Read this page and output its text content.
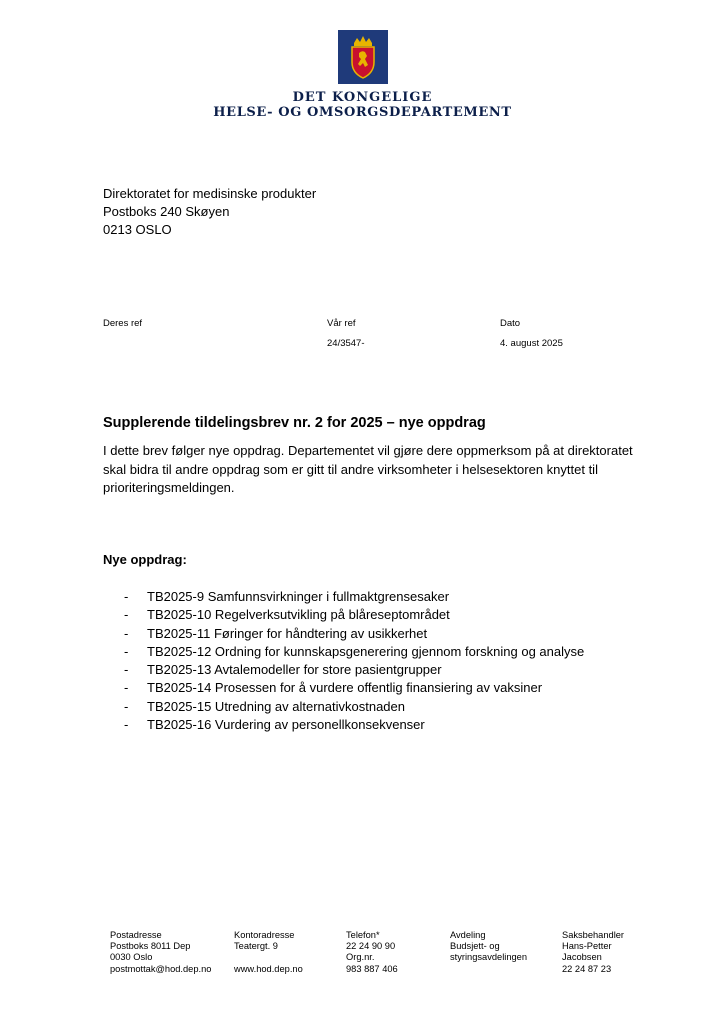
DET KONGELIGE
HELSE- OG OMSORGSDEPARTEMENT
Direktoratet for medisinske produkter
Postboks 240 Skøyen
0213 OSLO
Deres ref	Vår ref
24/3547-
Dato
4. august 2025
Supplerende tildelingsbrev nr. 2 for 2025 – nye oppdrag
I dette brev følger nye oppdrag. Departementet vil gjøre dere oppmerksom på at direktoratet
skal bidra til andre oppdrag som er gitt til andre virksomheter i helsesektoren knyttet til
prioriteringsmeldingen.
Nye oppdrag:
- TB2025-9 Samfunnsvirkninger i fullmaktgrensesaker
- TB2025-10 Regelverksutvikling på blåreseptområdet
- TB2025-11 Føringer for håndtering av usikkerhet
- TB2025-12 Ordning for kunnskapsgenerering gjennom forskning og analyse
- TB2025-13 Avtalemodeller for store pasientgrupper
- TB2025-14 Prosessen for å vurdere offentlig finansiering av vaksiner
- TB2025-15 Utredning av alternativkostnaden
- TB2025-16 Vurdering av personellkonsekvenser
Postadresse
Postboks 8011 Dep
0030 Oslo
postmottak@hod.dep.no
Kontoradresse
Teatergt. 9

www.hod.dep.no
Telefon*
22 24 90 90
Org.nr.
983 887 406
Avdeling
Budsjett- og
styringsavdelingen
Saksbehandler
Hans-Petter
Jacobsen
22 24 87 23
